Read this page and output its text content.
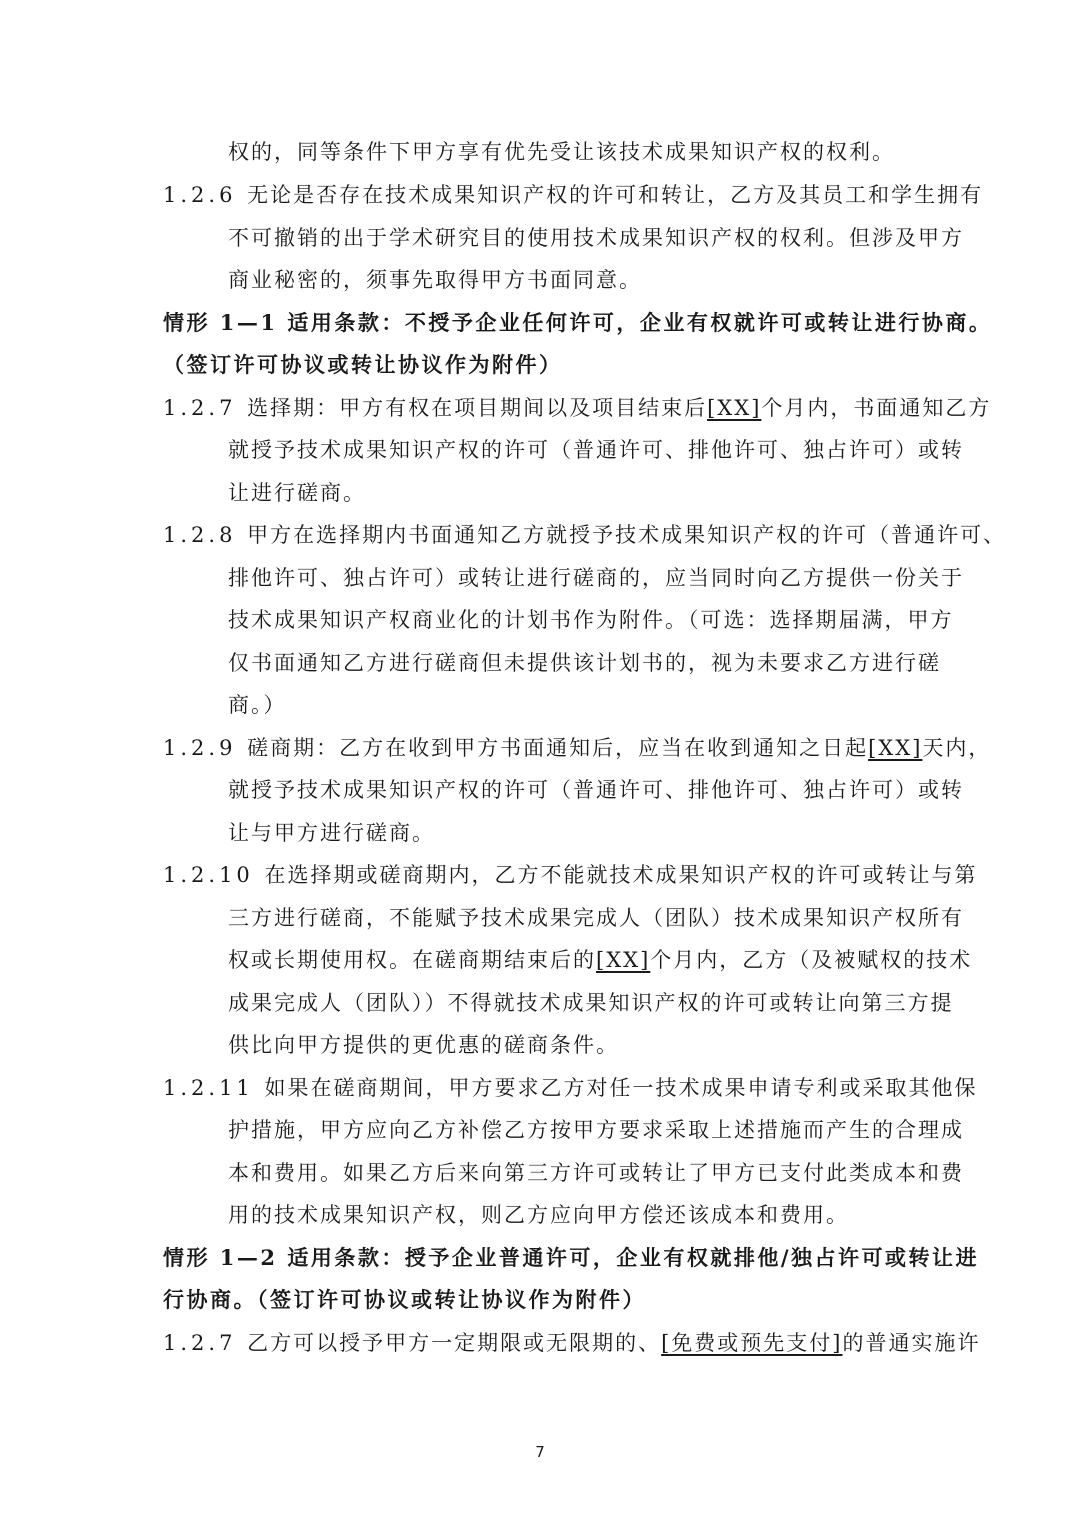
权的，同等条件下甲方享有优先受让该技术成果知识产权的权利。
1.2.6 无论是否存在技术成果知识产权的许可和转让，乙方及其员工和学生拥有
不可撤销的出于学术研究目的使用技术成果知识产权的权利。但涉及甲方
商业秘密的，须事先取得甲方书面同意。
情形 1—1 适用条款：不授予企业任何许可，企业有权就许可或转让进行协商。
（签订许可协议或转让协议作为附件）
1.2.7 选择期：甲方有权在项目期间以及项目结束后[XX]个月内，书面通知乙方
就授予技术成果知识产权的许可（普通许可、排他许可、独占许可）或转
让进行磋商。
1.2.8 甲方在选择期内书面通知乙方就授予技术成果知识产权的许可（普通许可、
排他许可、独占许可）或转让进行磋商的，应当同时向乙方提供一份关于
技术成果知识产权商业化的计划书作为附件。（可选：选择期届满，甲方
仅书面通知乙方进行磋商但未提供该计划书的，视为未要求乙方进行磋
商。）
1.2.9 磋商期：乙方在收到甲方书面通知后，应当在收到通知之日起[XX]天内，
就授予技术成果知识产权的许可（普通许可、排他许可、独占许可）或转
让与甲方进行磋商。
1.2.10 在选择期或磋商期内，乙方不能就技术成果知识产权的许可或转让与第
三方进行磋商，不能赋予技术成果完成人（团队）技术成果知识产权所有
权或长期使用权。在磋商期结束后的[XX]个月内，乙方（及被赋权的技术
成果完成人（团队））不得就技术成果知识产权的许可或转让向第三方提
供比向甲方提供的更优惠的磋商条件。
1.2.11 如果在磋商期间，甲方要求乙方对任一技术成果申请专利或采取其他保
护措施，甲方应向乙方补偿乙方按甲方要求采取上述措施而产生的合理成
本和费用。如果乙方后来向第三方许可或转让了甲方已支付此类成本和费
用的技术成果知识产权，则乙方应向甲方偿还该成本和费用。
情形 1—2 适用条款：授予企业普通许可，企业有权就排他/独占许可或转让进
行协商。（签订许可协议或转让协议作为附件）
1.2.7 乙方可以授予甲方一定期限或无限期的、[免费或预先支付]的普通实施许
7
